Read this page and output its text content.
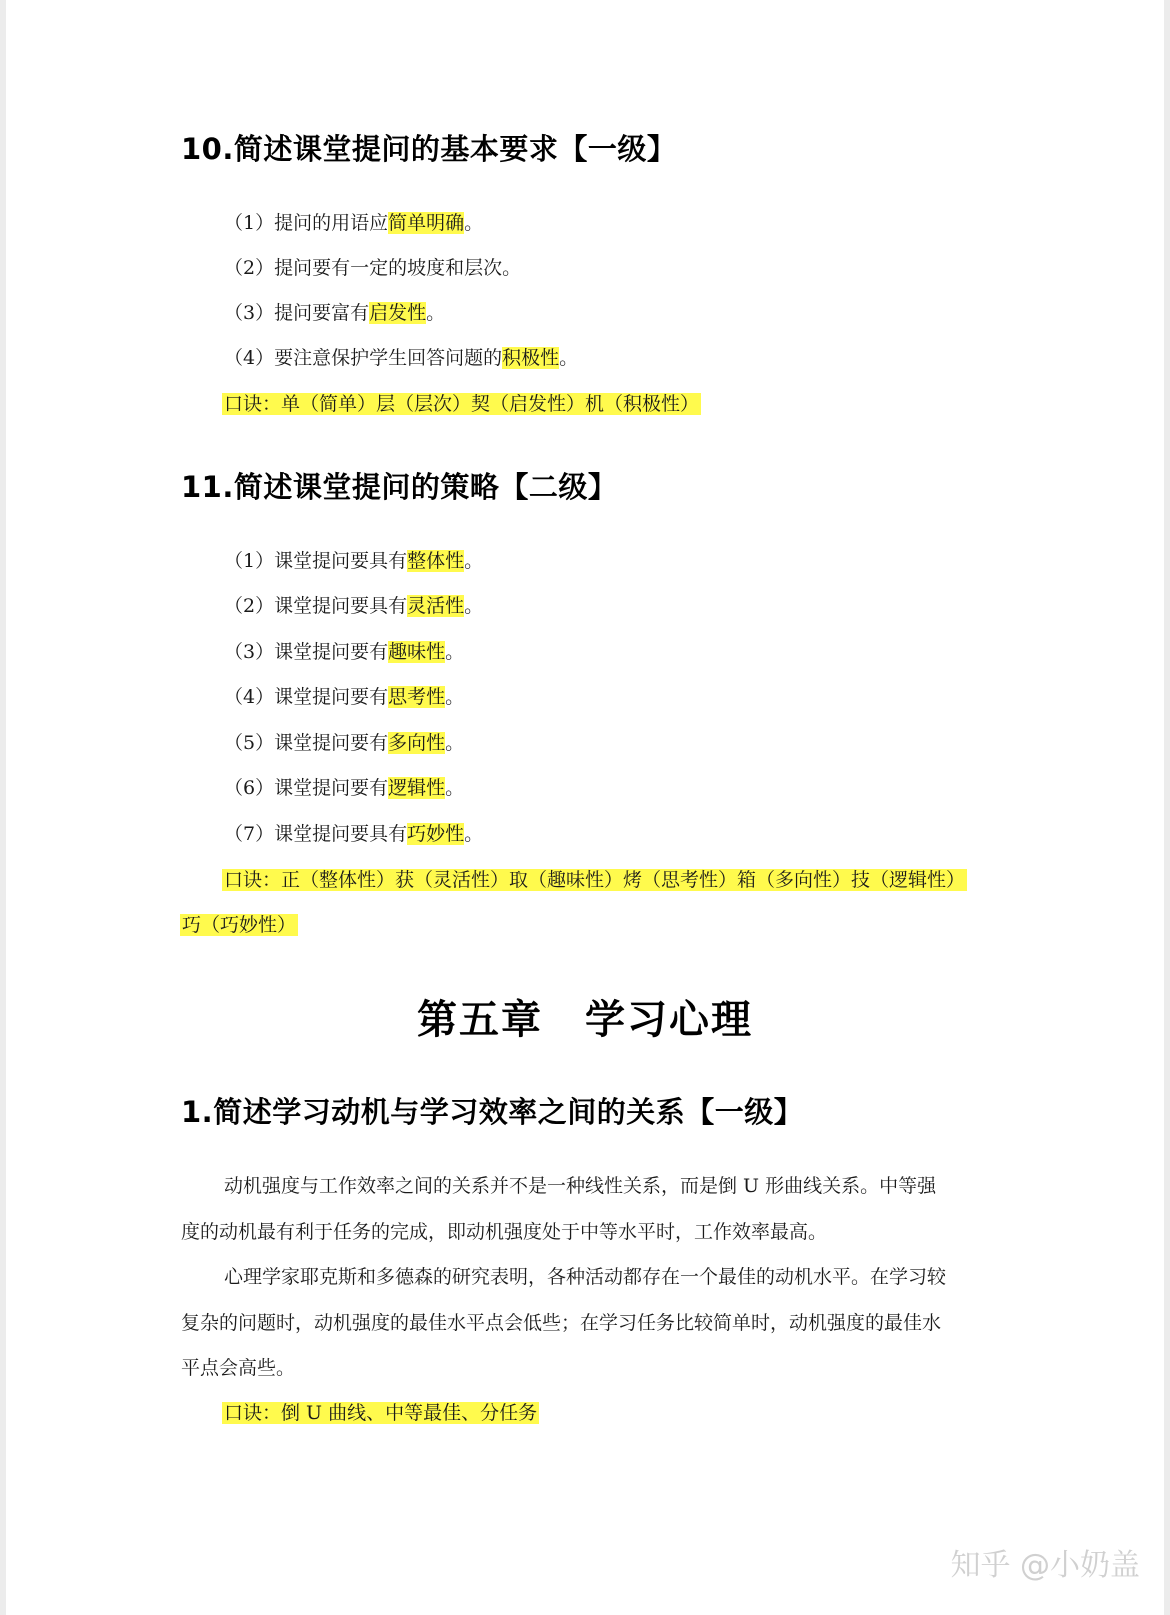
10.简述课堂提问的基本要求【一级】
（1）提问的用语应简单明确。
（2）提问要有一定的坡度和层次。
（3）提问要富有启发性。
（4）要注意保护学生回答问题的积极性。
口诀：单（简单）层（层次）契（启发性）机（积极性）
11.简述课堂提问的策略【二级】
（1）课堂提问要具有整体性。
（2）课堂提问要具有灵活性。
（3）课堂提问要有趣味性。
（4）课堂提问要有思考性。
（5）课堂提问要有多向性。
（6）课堂提问要有逻辑性。
（7）课堂提问要具有巧妙性。
口诀：正（整体性）获（灵活性）取（趣味性）烤（思考性）箱（多向性）技（逻辑性）
巧（巧妙性）
第五章　学习心理
1.简述学习动机与学习效率之间的关系【一级】
动机强度与工作效率之间的关系并不是一种线性关系，而是倒 U 形曲线关系。中等强
度的动机最有利于任务的完成，即动机强度处于中等水平时，工作效率最高。
心理学家耶克斯和多德森的研究表明，各种活动都存在一个最佳的动机水平。在学习较
复杂的问题时，动机强度的最佳水平点会低些；在学习任务比较简单时，动机强度的最佳水
平点会高些。
口诀：倒 U 曲线、中等最佳、分任务
知乎 @小奶盖
